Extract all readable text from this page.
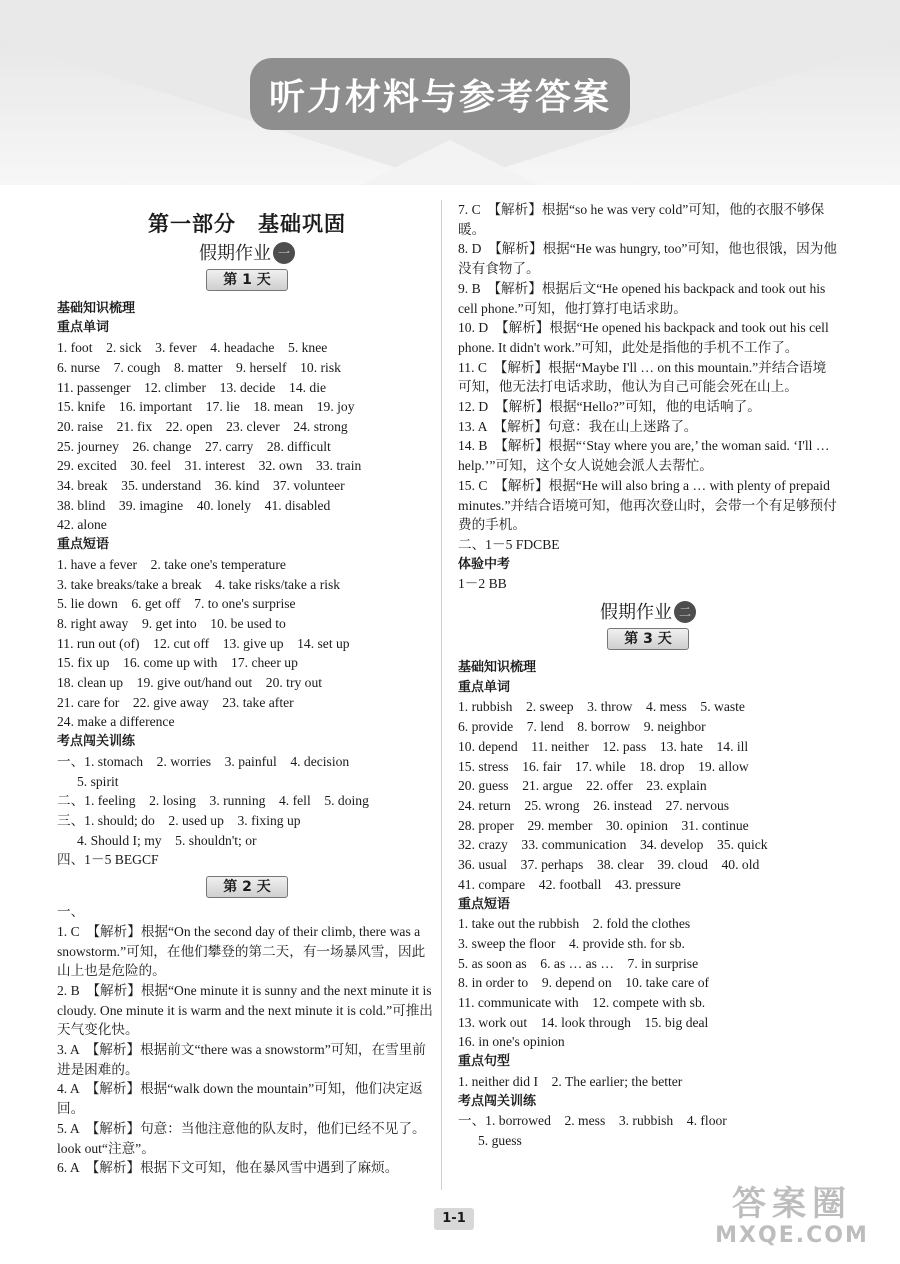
听力材料与参考答案
第一部分　基础巩固
假期作业 一
第 1 天
基础知识梳理
重点单词
1. foot　2. sick　3. fever　4. headache　5. knee
6. nurse　7. cough　8. matter　9. herself　10. risk
11. passenger　12. climber　13. decide　14. die
15. knife　16. important　17. lie　18. mean　19. joy
20. raise　21. fix　22. open　23. clever　24. strong
25. journey　26. change　27. carry　28. difficult
29. excited　30. feel　31. interest　32. own　33. train
34. break　35. understand　36. kind　37. volunteer
38. blind　39. imagine　40. lonely　41. disabled
42. alone
重点短语
1. have a fever　2. take one's temperature
3. take breaks/take a break　4. take risks/take a risk
5. lie down　6. get off　7. to one's surprise
8. right away　9. get into　10. be used to
11. run out (of)　12. cut off　13. give up　14. set up
15. fix up　16. come up with　17. cheer up
18. clean up　19. give out/hand out　20. try out
21. care for　22. give away　23. take after
24. make a difference
考点闯关训练
一、1. stomach　2. worries　3. painful　4. decision
5. spirit
二、1. feeling　2. losing　3. running　4. fell　5. doing
三、1. should; do　2. used up　3. fixing up
4. Should I; my　5. shouldn't; or
四、1－5 BEGCF
第 2 天
一、
1. C　【解析】根据“On the second day of their climb, there was a snowstorm.”可知，在他们攀登的第二天，有一场暴风雪，因此山上也是危险的。
2. B　【解析】根据“One minute it is sunny and the next minute it is cloudy. One minute it is warm and the next minute it is cold.”可推出天气变化快。
3. A　【解析】根据前文“there was a snowstorm”可知，在雪里前进是困难的。
4. A　【解析】根据“walk down the mountain”可知，他们决定返回。
5. A　【解析】句意：当他注意他的队友时，他们已经不见了。look out“注意”。
6. A　【解析】根据下文可知，他在暴风雪中遇到了麻烦。
7. C　【解析】根据“so he was very cold”可知，他的衣服不够保暖。
8. D　【解析】根据“He was hungry, too”可知，他也很饿，因为他没有食物了。
9. B　【解析】根据后文“He opened his backpack and took out his cell phone.”可知，他打算打电话求助。
10. D　【解析】根据“He opened his backpack and took out his cell phone. It didn't work.”可知，此处是指他的手机不工作了。
11. C　【解析】根据“Maybe I'll … on this mountain.”并结合语境可知，他无法打电话求助，他认为自己可能会死在山上。
12. D　【解析】根据“Hello?”可知，他的电话响了。
13. A　【解析】句意：我在山上迷路了。
14. B　【解析】根据“‘Stay where you are,’ the woman said. ‘I'll … help.’”可知，这个女人说她会派人去帮忙。
15. C　【解析】根据“He will also bring a … with plenty of prepaid minutes.”并结合语境可知，他再次登山时，会带一个有足够预付费的手机。
二、1－5 FDCBE
体验中考
1－2 BB
假期作业 二
第 3 天
基础知识梳理
重点单词
1. rubbish　2. sweep　3. throw　4. mess　5. waste
6. provide　7. lend　8. borrow　9. neighbor
10. depend　11. neither　12. pass　13. hate　14. ill
15. stress　16. fair　17. while　18. drop　19. allow
20. guess　21. argue　22. offer　23. explain
24. return　25. wrong　26. instead　27. nervous
28. proper　29. member　30. opinion　31. continue
32. crazy　33. communication　34. develop　35. quick
36. usual　37. perhaps　38. clear　39. cloud　40. old
41. compare　42. football　43. pressure
重点短语
1. take out the rubbish　2. fold the clothes
3. sweep the floor　4. provide sth. for sb.
5. as soon as　6. as … as …　7. in surprise
8. in order to　9. depend on　10. take care of
11. communicate with　12. compete with sb.
13. work out　14. look through　15. big deal
16. in one's opinion
重点句型
1. neither did I　2. The earlier; the better
考点闯关训练
一、1. borrowed　2. mess　3. rubbish　4. floor
5. guess
1-1	答案圈
MXQE.COM
